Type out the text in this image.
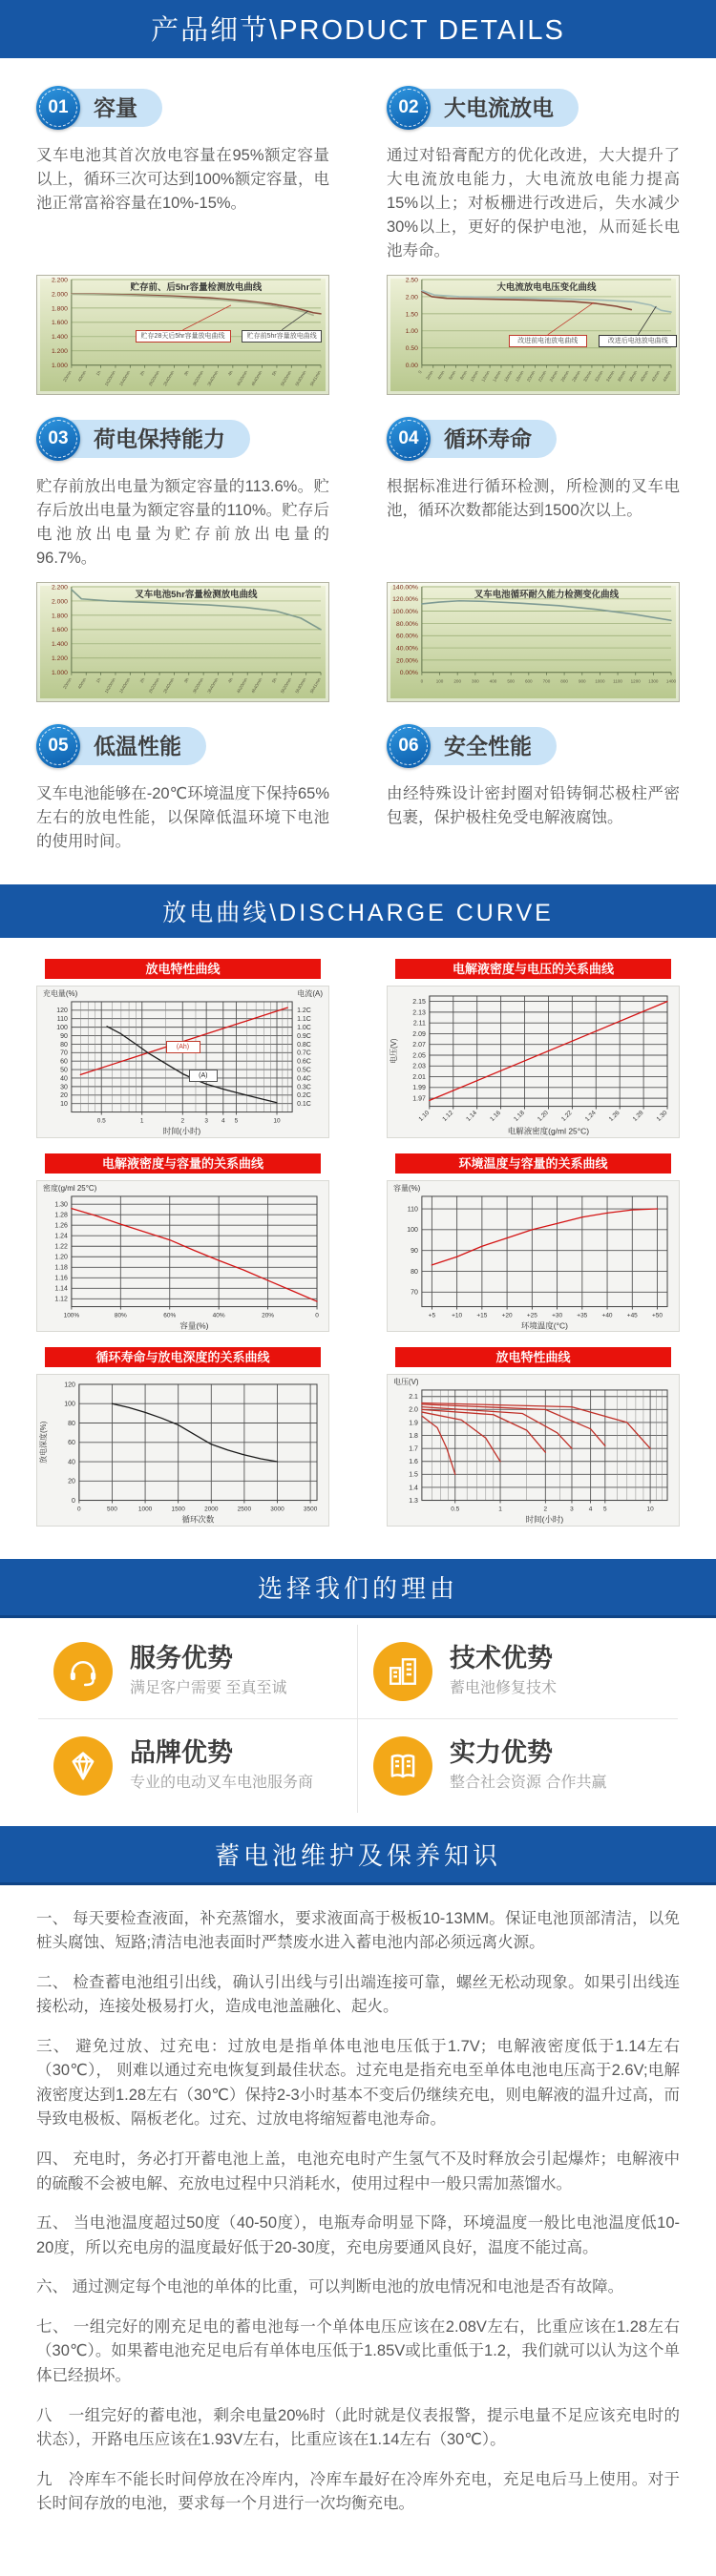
产品细节\PRODUCT DETAILS
01	容量

叉车电池其首次放电容量在95%额定容量以上，循环三次可达到100%额定容量，电池正常富裕容量在10%-15%。

2.200
2.000
1.800
1.600
1.400
1.200
1.000
20min 40min 1h 1h20min 1h40min 2h 2h20min 2h40min 3h 3h20min 3h40min 4h 4h20min 4h40min 5h 5h20min 5h30min 5h41min
贮存前、后5hr容量检测放电曲线
贮存28天后5hr容量放电曲线	贮存前5hr容量放电曲线
02	大电流放电

通过对铅膏配方的优化改进，大大提升了大电流放电能力，大电流放电能力提高15%以上；对板栅进行改进后，失水减少30%以上，更好的保护电池，从而延长电池寿命。

2.50
2.00
1.50
1.00
0.50
0.00
0 2min 4min 6min 8min 10min 12min 14min 16min 18min 20min 22min 24min 26min 28min 30min 32min 34min 36min 38min 40min 42min 44min
大电流放电电压变化曲线
改进前电池放电曲线	改进后电池放电曲线
03	荷电保持能力

贮存前放出电量为额定容量的113.6%。贮存后放出电量为额定容量的110%。贮存后电池放出电量为贮存前放出电量的96.7%。

2.200
2.000
1.800
1.600
1.400
1.200
1.000
20min 40min 1h 1h20min 1h40min 2h 2h20min 2h40min 3h 3h20min 3h40min 4h 4h20min 4h40min 5h 5h20min 5h30min 5h41min
叉车电池5hr容量检测放电曲线
04	循环寿命

根据标准进行循环检测，所检测的叉车电池，循环次数都能达到1500次以上。

140.00%
120.00%
100.00%
80.00%
60.00%
40.00%
20.00%
0.00%
0	100 200 300 400 500 600 700 800 900 1000 1100 1200 1300 1400
叉车电池循环耐久能力检测变化曲线
05	低温性能

叉车电池能够在-20℃环境温度下保持65%左右的放电性能，以保障低温环境下电池的使用时间。

06	安全性能

由经特殊设计密封圈对铅铸铜芯极柱严密包裹，保护极柱免受电解液腐蚀。

放电曲线\DISCHARGE CURVE
放电特性曲线
120	1.2C
110	1.1C
100	1.0C
90	0.9C
80	0.8C
70	0.7C
60	0.6C
50	0.5C
40	0.4C
30	0.3C
20	0.2C
10	0.1C
0.5	1	2	3 4 5	10
充电量(%)	电流(A)
时间(小时)
(Ah)
(A)
电解液密度与电压的关系曲线
2.15
2.13
2.11
2.09
2.07
2.05
2.03
2.01
1.99
1.97
1.10 1.12 1.14 1.16 1.18 1.20 1.22 1.24 1.26 1.28 1.30
电压(V)
电解液密度(g/ml 25°C)
电解液密度与容量的关系曲线
1.30
1.28
1.26
1.24
1.22
1.20
1.18
1.16
1.14
1.12
100%	80%	60%	40%	20%	0
密度(g/ml 25°C)
容量(%)
环境温度与容量的关系曲线
110
100
90
80
70
+5	+10 +15 +20 +25 +30 +35 +40 +45 +50
容量(%)
环境温度(°C)
循环寿命与放电深度的关系曲线
120
100
80
60
40
20
0
0	500	1000	1500	2000	2500	3000	3500
放电深度(%)
循环次数
放电特性曲线
2.1
2.0
1.9
1.8
1.7
1.6
1.5
1.4
1.3
0.5	1	2	3 4 5	10
电压(V)
时间(小时)
选择我们的理由

服务优势

满足客户需要 至真至诚

技术优势

蓄电池修复技术

品牌优势

专业的电动叉车电池服务商

实力优势

整合社会资源 合作共赢

蓄电池维护及保养知识

一、 每天要检查液面，补充蒸馏水，要求液面高于极板10-13MM。保证电池顶部清洁，以免桩头腐蚀、短路;清洁电池表面时严禁废水进入蓄电池内部必须远离火源。

二、 检查蓄电池组引出线，确认引出线与引出端连接可靠，螺丝无松动现象。如果引出线连接松动，连接处极易打火，造成电池盖融化、起火。

三、 避免过放、过充电：过放电是指单体电池电压低于1.7V；电解液密度低于1.14左右（30℃）， 则难以通过充电恢复到最佳状态。过充电是指充电至单体电池电压高于2.6V;电解液密度达到1.28左右（30℃）保持2-3小时基本不变后仍继续充电，则电解液的温升过高，而导致电极板、隔板老化。过充、过放电将缩短蓄电池寿命。

四、 充电时，务必打开蓄电池上盖，电池充电时产生氢气不及时释放会引起爆炸；电解液中的硫酸不会被电解、充放电过程中只消耗水，使用过程中一般只需加蒸馏水。

五、 当电池温度超过50度（40-50度），电瓶寿命明显下降，环境温度一般比电池温度低10-20度，所以充电房的温度最好低于20-30度，充电房要通风良好，温度不能过高。

六、 通过测定每个电池的单体的比重，可以判断电池的放电情况和电池是否有故障。

七、 一组完好的刚充足电的蓄电池每一个单体电压应该在2.08V左右，比重应该在1.28左右（30℃）。如果蓄电池充足电后有单体电压低于1.85V或比重低于1.2，我们就可以认为这个单体已经损坏。

八　一组完好的蓄电池，剩余电量20%时（此时就是仪表报警，提示电量不足应该充电时的状态），开路电压应该在1.93V左右，比重应该在1.14左右（30℃）。

九　冷库车不能长时间停放在冷库内，冷库车最好在冷库外充电，充足电后马上使用。对于长时间存放的电池，要求每一个月进行一次均衡充电。
